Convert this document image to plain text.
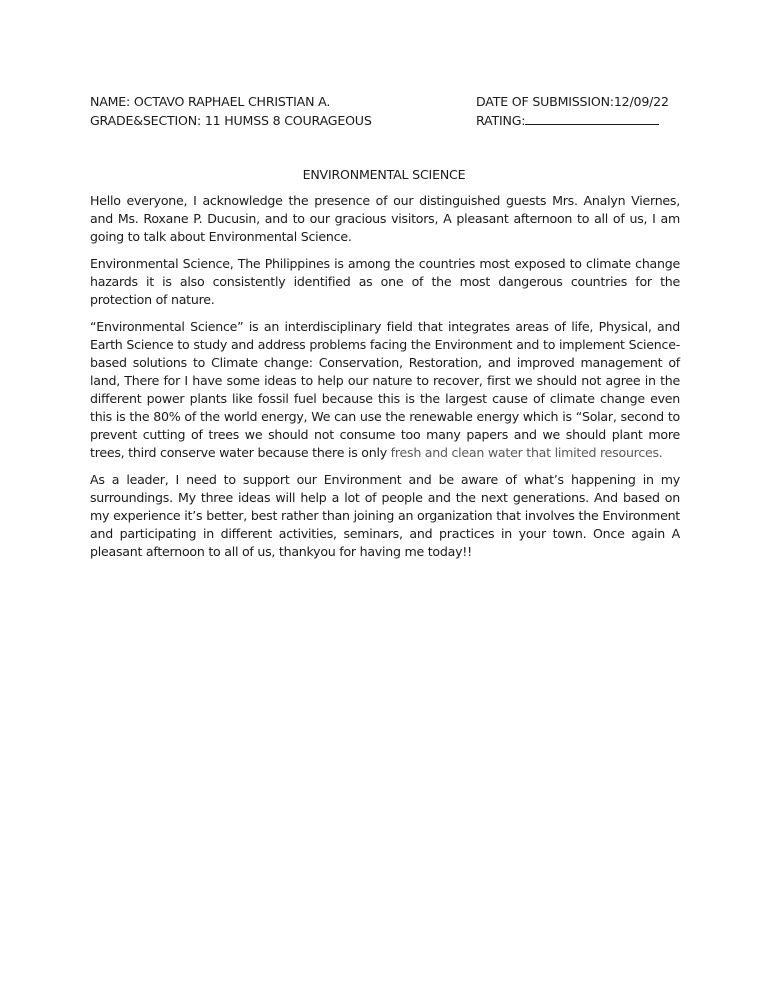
NAME: OCTAVO RAPHAEL CHRISTIAN A.	DATE OF SUBMISSION:12/09/22
GRADE&SECTION: 11 HUMSS 8 COURAGEOUS	RATING:
ENVIRONMENTAL SCIENCE

Hello everyone, I acknowledge the presence of our distinguished guests Mrs. Analyn Viernes, and Ms. Roxane P. Ducusin, and to our gracious visitors, A pleasant afternoon to all of us, I am going to talk about Environmental Science.

Environmental Science, The Philippines is among the countries most exposed to climate change hazards it is also consistently identified as one of the most dangerous countries for the protection of nature.

“Environmental Science” is an interdisciplinary field that integrates areas of life, Physical, and Earth Science to study and address problems facing the Environment and to implement Science-based solutions to Climate change: Conservation, Restoration, and improved management of land, There for I have some ideas to help our nature to recover, first we should not agree in the different power plants like fossil fuel because this is the largest cause of climate change even this is the 80% of the world energy, We can use the renewable energy which is “Solar, second to prevent cutting of trees we should not consume too many papers and we should plant more trees, third conserve water because there is only fresh and clean water that limited resources.

As a leader, I need to support our Environment and be aware of what’s happening in my surroundings. My three ideas will help a lot of people and the next generations. And based on my experience it’s better, best rather than joining an organization that involves the Environment and participating in different activities, seminars, and practices in your town. Once again A pleasant afternoon to all of us, thankyou for having me today!!
